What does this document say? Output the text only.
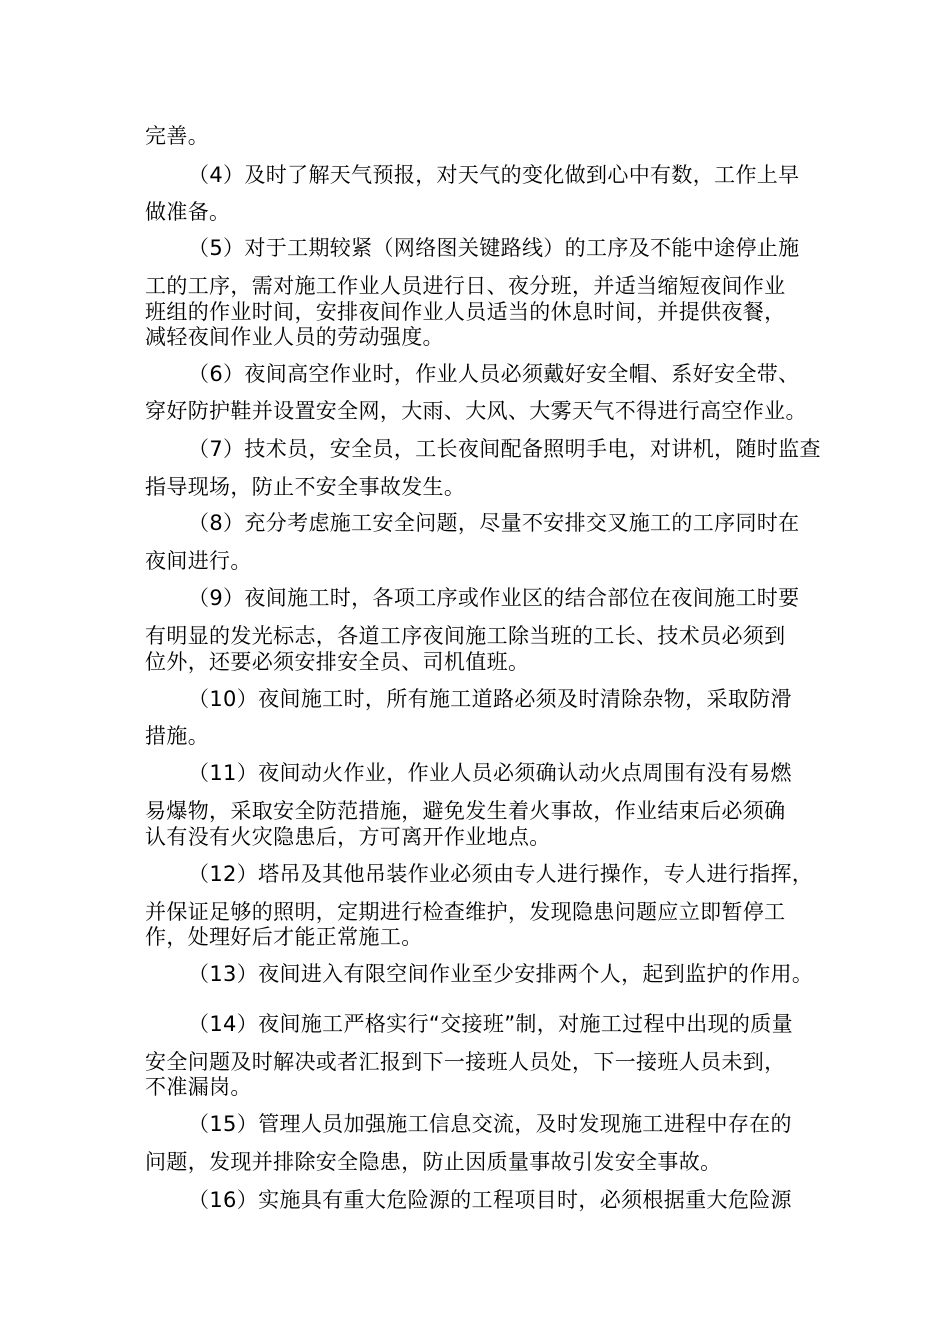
完善。
（4）及时了解天气预报，对天气的变化做到心中有数，工作上早
做准备。
（5）对于工期较紧（网络图关键路线）的工序及不能中途停止施
工的工序，需对施工作业人员进行日、夜分班，并适当缩短夜间作业
班组的作业时间，安排夜间作业人员适当的休息时间，并提供夜餐，
减轻夜间作业人员的劳动强度。
（6）夜间高空作业时，作业人员必须戴好安全帽、系好安全带、
穿好防护鞋并设置安全网，大雨、大风、大雾天气不得进行高空作业。
（7）技术员，安全员，工长夜间配备照明手电，对讲机，随时监查
指导现场，防止不安全事故发生。
（8）充分考虑施工安全问题，尽量不安排交叉施工的工序同时在
夜间进行。
（9）夜间施工时，各项工序或作业区的结合部位在夜间施工时要
有明显的发光标志，各道工序夜间施工除当班的工长、技术员必须到
位外，还要必须安排安全员、司机值班。
（10）夜间施工时，所有施工道路必须及时清除杂物，采取防滑
措施。
（11）夜间动火作业，作业人员必须确认动火点周围有没有易燃
易爆物，采取安全防范措施，避免发生着火事故，作业结束后必须确
认有没有火灾隐患后，方可离开作业地点。
（12）塔吊及其他吊装作业必须由专人进行操作，专人进行指挥，
并保证足够的照明，定期进行检查维护，发现隐患问题应立即暂停工
作，处理好后才能正常施工。
（13）夜间进入有限空间作业至少安排两个人，起到监护的作用。
（14）夜间施工严格实行“交接班”制，对施工过程中出现的质量
安全问题及时解决或者汇报到下一接班人员处，下一接班人员未到，
不准漏岗。
（15）管理人员加强施工信息交流，及时发现施工进程中存在的
问题，发现并排除安全隐患，防止因质量事故引发安全事故。
（16）实施具有重大危险源的工程项目时，必须根据重大危险源
